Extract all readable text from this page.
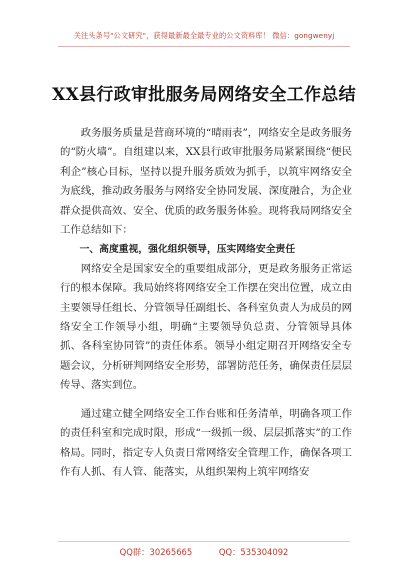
关注头条号"公文研究"，获得最新最全最专业的公文资料库！ 微信：gongwenyj
XX县行政审批服务局网络安全工作总结

政务服务质量是营商环境的“晴雨表”，网络安全是政务服务的“防火墙”。自组建以来，XX县行政审批服务局紧紧围绕“便民利企”核心目标，坚持以提升服务质效为抓手，以筑牢网络安全为底线，推动政务服务与网络安全协同发展、深度融合，为企业群众提供高效、安全、优质的政务服务体验。现将我局网络安全工作总结如下：

一、高度重视，强化组织领导，压实网络安全责任

网络安全是国家安全的重要组成部分，更是政务服务正常运行的根本保障。我局始终将网络安全工作摆在突出位置，成立由主要领导任组长、分管领导任副组长、各科室负责人为成员的网络安全工作领导小组，明确“主要领导负总责、分管领导具体抓、各科室协同管”的责任体系。领导小组定期召开网络安全专题会议，分析研判网络安全形势，部署防范任务，确保责任层层传导、落实到位。

通过建立健全网络安全工作台账和任务清单，明确各项工作的责任科室和完成时限，形成“一级抓一级、层层抓落实”的工作格局。同时，指定专人负责日常网络安全管理工作，确保各项工作有人抓、有人管、能落实，从组织架构上筑牢网络安

QQ群：30265665	QQ：535304092
